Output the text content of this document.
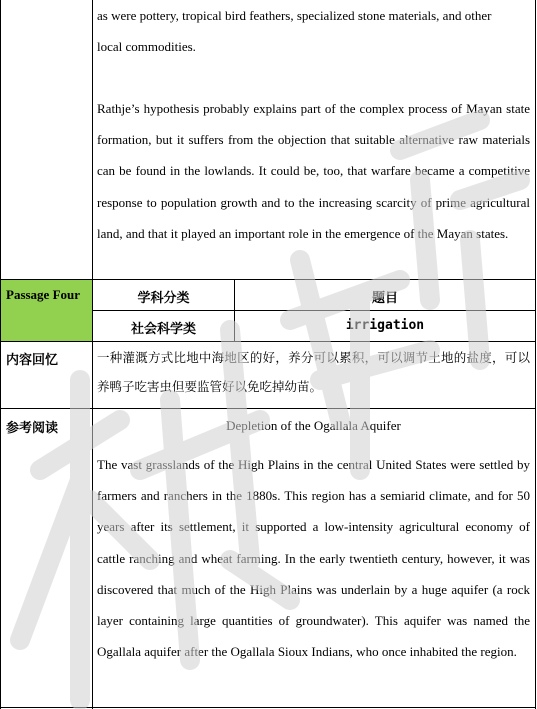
as were pottery, tropical bird feathers, specialized stone materials, and other
local commodities.
Rathje’s hypothesis probably explains part of the complex process of Mayan state formation, but it suffers from the objection that suitable alternative raw materials can be found in the lowlands. It could be, too, that warfare became a competitive response to population growth and to the increasing scarcity of prime agricultural land, and that it played an important role in the emergence of the Mayan states.
Passage Four	学科分类	题目
社会科学类	irrigation
内容回忆	一种灌溉方式比地中海地区的好，养分可以累积，可以调节土地的盐度，可以养鸭子吃害虫但要监管好以免吃掉幼苗。
参考阅读	Depletion of the Ogallala Aquifer
The vast grasslands of the High Plains in the central United States were settled by farmers and ranchers in the 1880s. This region has a semiarid climate, and for 50 years after its settlement, it supported a low-intensity agricultural economy of cattle ranching and wheat farming. In the early twentieth century, however, it was discovered that much of the High Plains was underlain by a huge aquifer (a rock layer containing large quantities of groundwater). This aquifer was named the Ogallala aquifer after the Ogallala Sioux Indians, who once inhabited the region.
